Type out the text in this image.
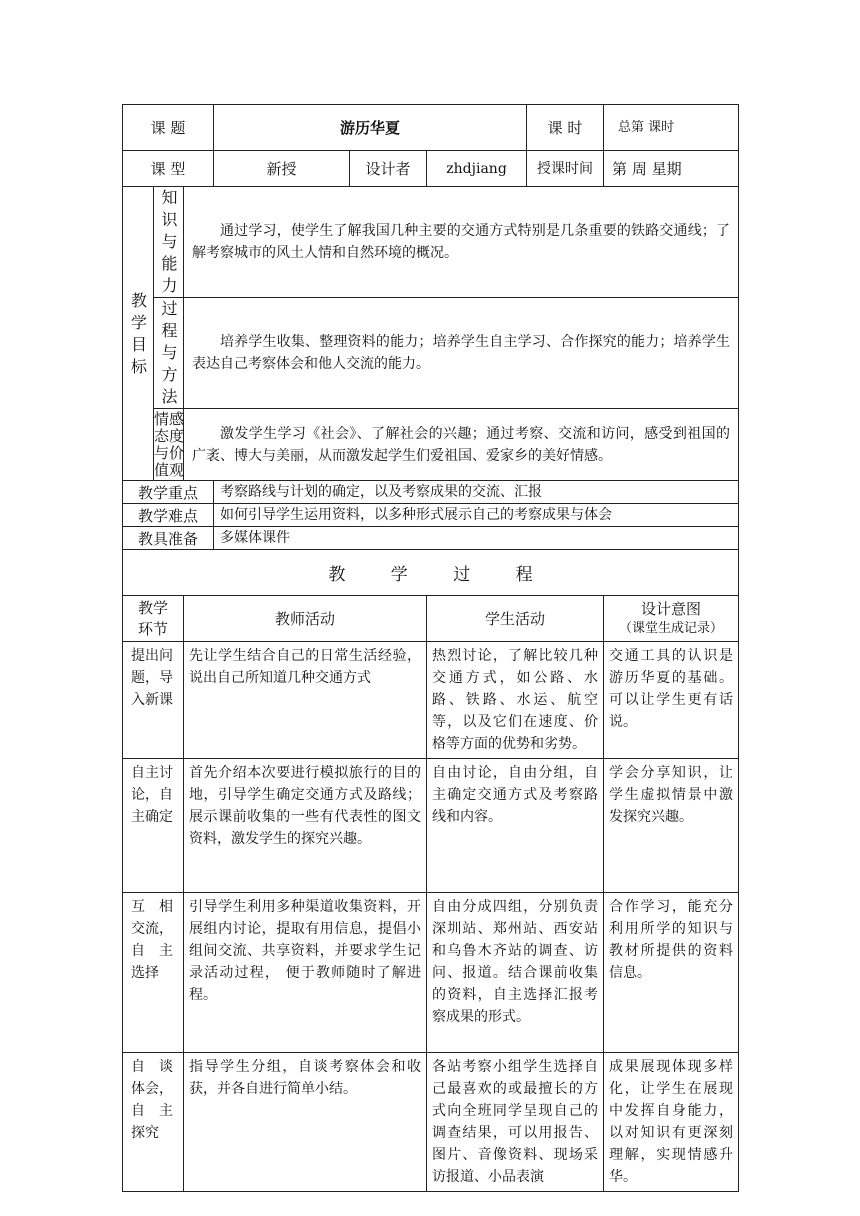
课 题			游历华夏			课 时	总第 课时
课 型			新授	设计者	zhdjiang	授课时间	第 周 星期

教学目标	知识与能力	通过学习，使学生了解我国几种主要的交通方式特别是几条重要的铁路交通线；了解考察城市的风土人情和自然环境的概况。					

	过程与方法	培养学生收集、整理资料的能力；培养学生自主学习、合作探究的能力；培养学生表达自己考察体会和他人交流的能力。					

	情感态度与价值观	激发学生学习《社会》、了解社会的兴趣；通过考察、交流和访问，感受到祖国的广袤、博大与美丽，从而激发起学生们爱祖国、爱家乡的美好情感。					
教学重点			考察路线与计划的确定，以及考察成果的交流、汇报				
教学难点			如何引导学生运用资料，以多种形式展示自己的考察成果与体会				
教具准备			多媒体课件				
教 学 过 程							

教学环节		教师活动			学生活动		设计意图
（课堂生成记录）

提出问题，导入新课		先让学生结合自己的日常生活经验，说出自己所知道几种交通方式			热烈讨论，了解比较几种交通方式，如公路、水路、铁路、水运、航空等，以及它们在速度、价格等方面的优势和劣势。		交通工具的认识是游历华夏的基础。可以让学生更有话说。

自主讨论，自主确定		首先介绍本次要进行模拟旅行的目的地，引导学生确定交通方式及路线；展示课前收集的一些有代表性的图文资料，激发学生的探究兴趣。			自由讨论，自由分组，自主确定交通方式及考察路线和内容。		学会分享知识，让学生虚拟情景中激发探究兴趣。

互 相交流，自 主选择		引导学生利用多种渠道收集资料，开展组内讨论，提取有用信息，提倡小组间交流、共享资料，并要求学生记录活动过程， 便于教师随时了解进程。			自由分成四组，分别负责深圳站、郑州站、西安站和乌鲁木齐站的调查、访问、报道。结合课前收集的资料，自主选择汇报考察成果的形式。		合作学习，能充分利用所学的知识与教材所提供的资料信息。

自 谈体会，自 主探究		指导学生分组，自谈考察体会和收获，并各自进行简单小结。			各站考察小组学生选择自己最喜欢的或最擅长的方式向全班同学呈现自己的调查结果，可以用报告、图片、音像资料、现场采访报道、小品表演		成果展现体现多样化，让学生在展现中发挥自身能力，以对知识有更深刻理解，实现情感升华。
